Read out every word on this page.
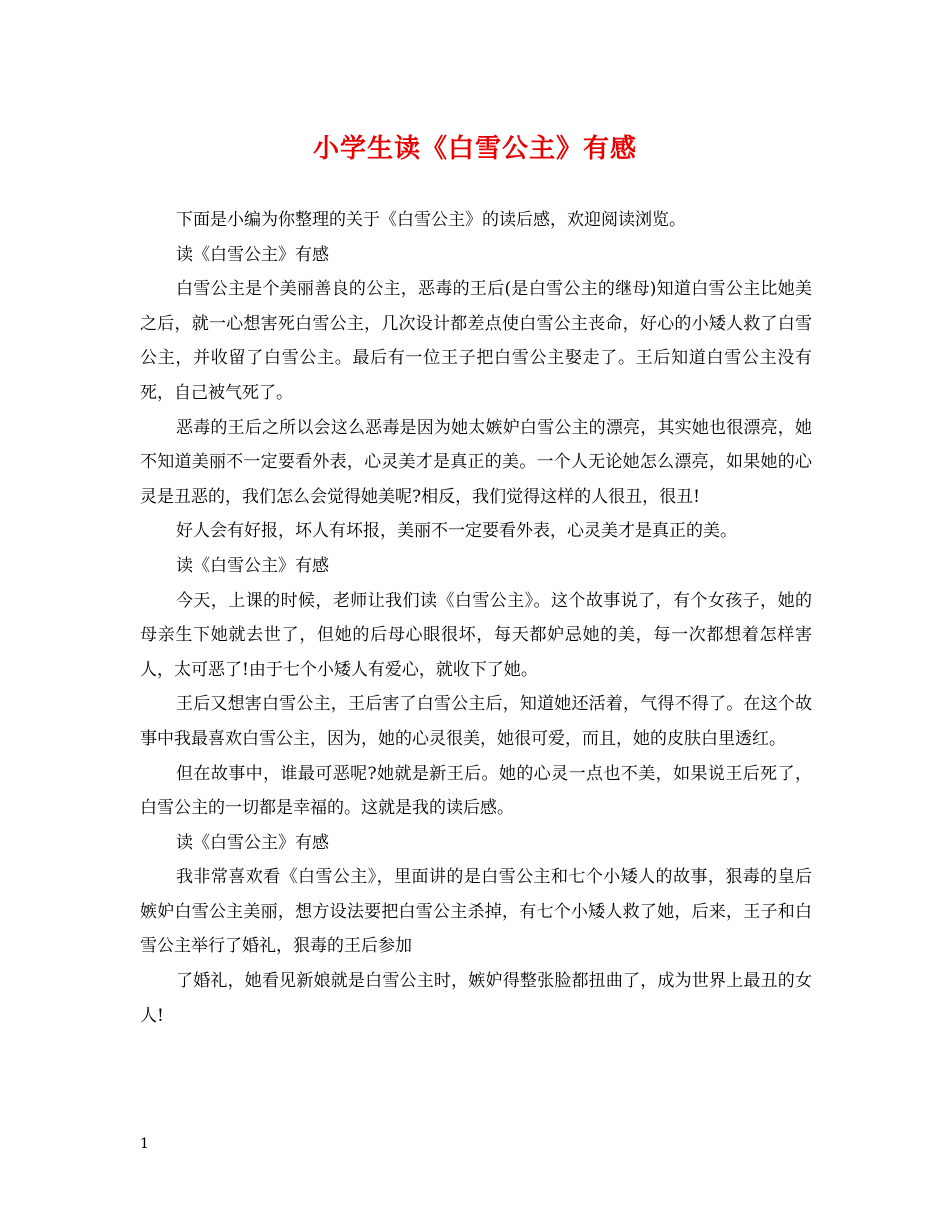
小学生读《白雪公主》有感

下面是小编为你整理的关于《白雪公主》的读后感，欢迎阅读浏览。

读《白雪公主》有感

白雪公主是个美丽善良的公主，恶毒的王后(是白雪公主的继母)知道白雪公主比她美之后，就一心想害死白雪公主，几次设计都差点使白雪公主丧命，好心的小矮人救了白雪公主，并收留了白雪公主。最后有一位王子把白雪公主娶走了。王后知道白雪公主没有死，自己被气死了。

恶毒的王后之所以会这么恶毒是因为她太嫉妒白雪公主的漂亮，其实她也很漂亮，她不知道美丽不一定要看外表，心灵美才是真正的美。一个人无论她怎么漂亮，如果她的心灵是丑恶的，我们怎么会觉得她美呢?相反，我们觉得这样的人很丑，很丑!

好人会有好报，坏人有坏报，美丽不一定要看外表，心灵美才是真正的美。

读《白雪公主》有感

今天，上课的时候，老师让我们读《白雪公主》。这个故事说了，有个女孩子，她的母亲生下她就去世了，但她的后母心眼很坏，每天都妒忌她的美，每一次都想着怎样害人，太可恶了!由于七个小矮人有爱心，就收下了她。

王后又想害白雪公主，王后害了白雪公主后，知道她还活着，气得不得了。在这个故事中我最喜欢白雪公主，因为，她的心灵很美，她很可爱，而且，她的皮肤白里透红。

但在故事中，谁最可恶呢?她就是新王后。她的心灵一点也不美，如果说王后死了，白雪公主的一切都是幸福的。这就是我的读后感。

读《白雪公主》有感

我非常喜欢看《白雪公主》，里面讲的是白雪公主和七个小矮人的故事，狠毒的皇后嫉妒白雪公主美丽，想方设法要把白雪公主杀掉，有七个小矮人救了她，后来，王子和白雪公主举行了婚礼，狠毒的王后参加

了婚礼，她看见新娘就是白雪公主时，嫉妒得整张脸都扭曲了，成为世界上最丑的女人!

1
